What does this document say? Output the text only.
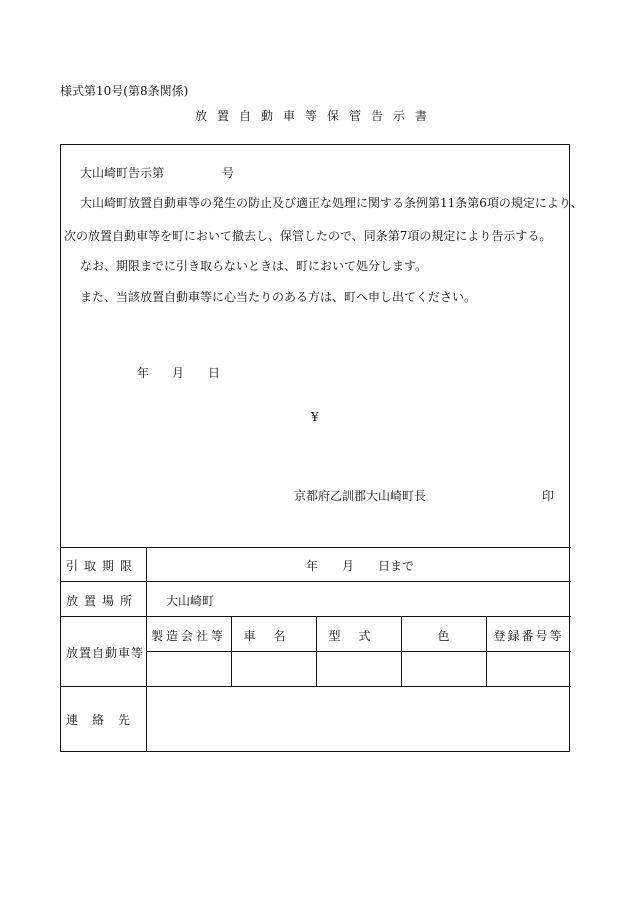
様式第10号(第8条関係)
放置自動車等保管告示書
大山崎町告示第	号
大山崎町放置自動車等の発生の防止及び適正な処理に関する条例第11条第6項の規定により、
次の放置自動車等を町において撤去し、保管したので、同条第7項の規定により告示する。
なお、期限までに引き取らないときは、町において処分します。
また、当該放置自動車等に心当たりのある方は、町へ申し出てください。
年 月 日
¥
京都府乙訓郡大山崎町長	印
引取期限	年 月 日まで
放置場所 大山崎町
放置自動車等
製造会社等	車名	型式	色	登録番号等
連絡先
